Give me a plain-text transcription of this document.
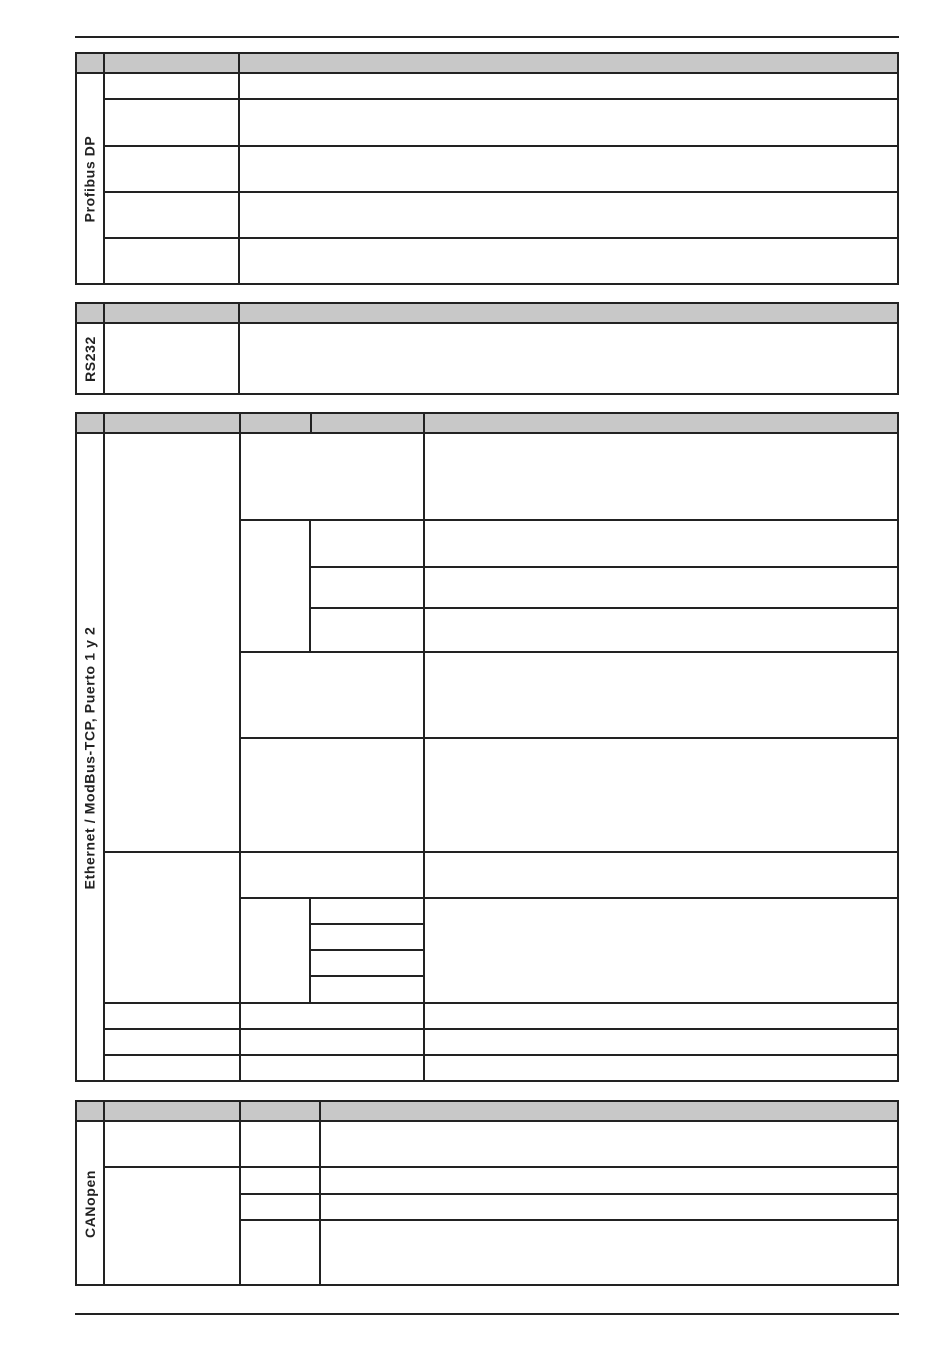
Profibus DP
RS232
Ethernet / ModBus-TCP, Puerto 1 y 2
CANopen
